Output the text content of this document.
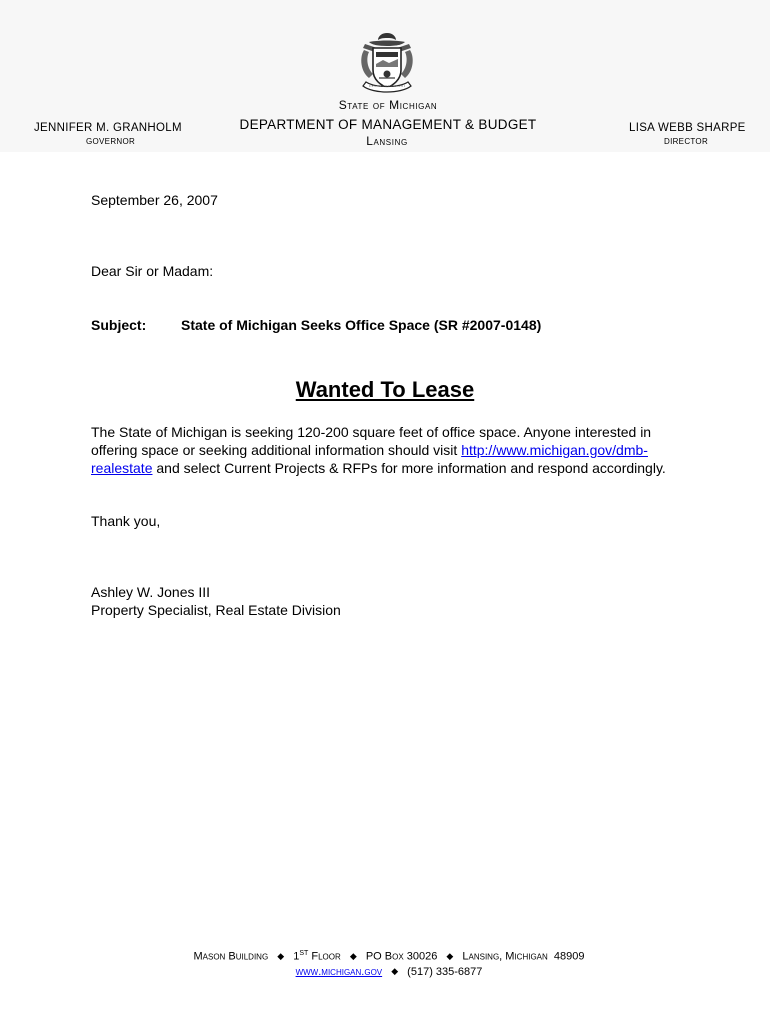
State of Michigan
DEPARTMENT OF MANAGEMENT & BUDGET
Lansing
JENNIFER M. GRANHOLM
GOVERNOR
LISA WEBB SHARPE
DIRECTOR
September 26, 2007
Dear Sir or Madam:
Subject: State of Michigan Seeks Office Space (SR #2007-0148)
Wanted To Lease
The State of Michigan is seeking 120-200 square feet of office space. Anyone interested in offering space or seeking additional information should visit http://www.michigan.gov/dmb-realestate and select Current Projects & RFPs for more information and respond accordingly.
Thank you,
Ashley W. Jones III
Property Specialist, Real Estate Division
Mason Building ◆ 1ST Floor ◆ PO Box 30026 ◆ Lansing, Michigan 48909
www.michigan.gov ◆ (517) 335-6877
